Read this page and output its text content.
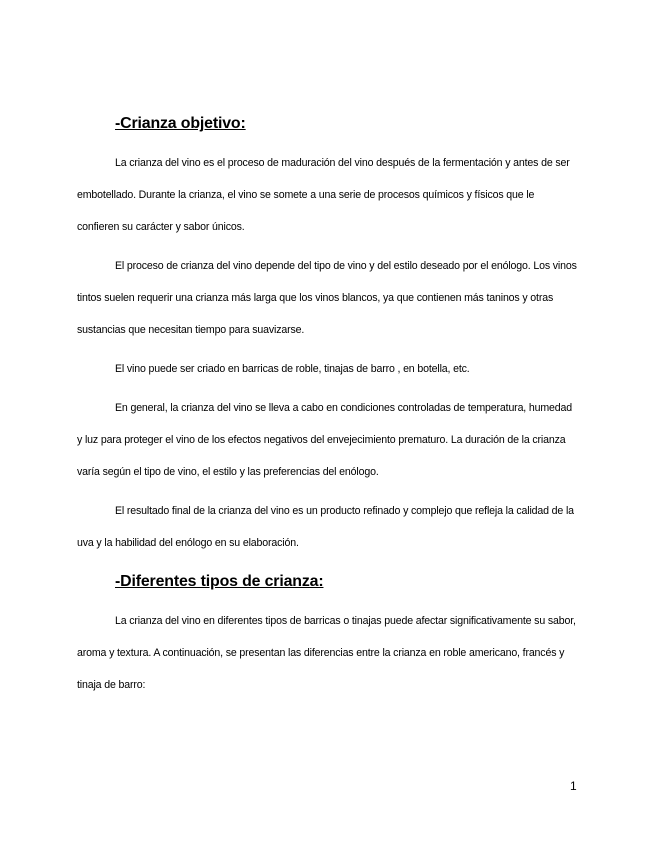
-Crianza objetivo:

La crianza del vino es el proceso de maduración del vino después de la fermentación y antes de ser embotellado. Durante la crianza, el vino se somete a una serie de procesos químicos y físicos que le confieren su carácter y sabor únicos.

El proceso de crianza del vino depende del tipo de vino y del estilo deseado por el enólogo. Los vinos tintos suelen requerir una crianza más larga que los vinos blancos, ya que contienen más taninos y otras sustancias que necesitan tiempo para suavizarse.

El vino puede ser criado en barricas de roble, tinajas de barro , en botella, etc.

En general, la crianza del vino se lleva a cabo en condiciones controladas de temperatura, humedad y luz para proteger el vino de los efectos negativos del envejecimiento prematuro. La duración de la crianza varía según el tipo de vino, el estilo y las preferencias del enólogo.

El resultado final de la crianza del vino es un producto refinado y complejo que refleja la calidad de la uva y la habilidad del enólogo en su elaboración.

-Diferentes tipos de crianza:

La crianza del vino en diferentes tipos de barricas o tinajas puede afectar significativamente su sabor, aroma y textura. A continuación, se presentan las diferencias entre la crianza en roble americano, francés y tinaja de barro:

1
